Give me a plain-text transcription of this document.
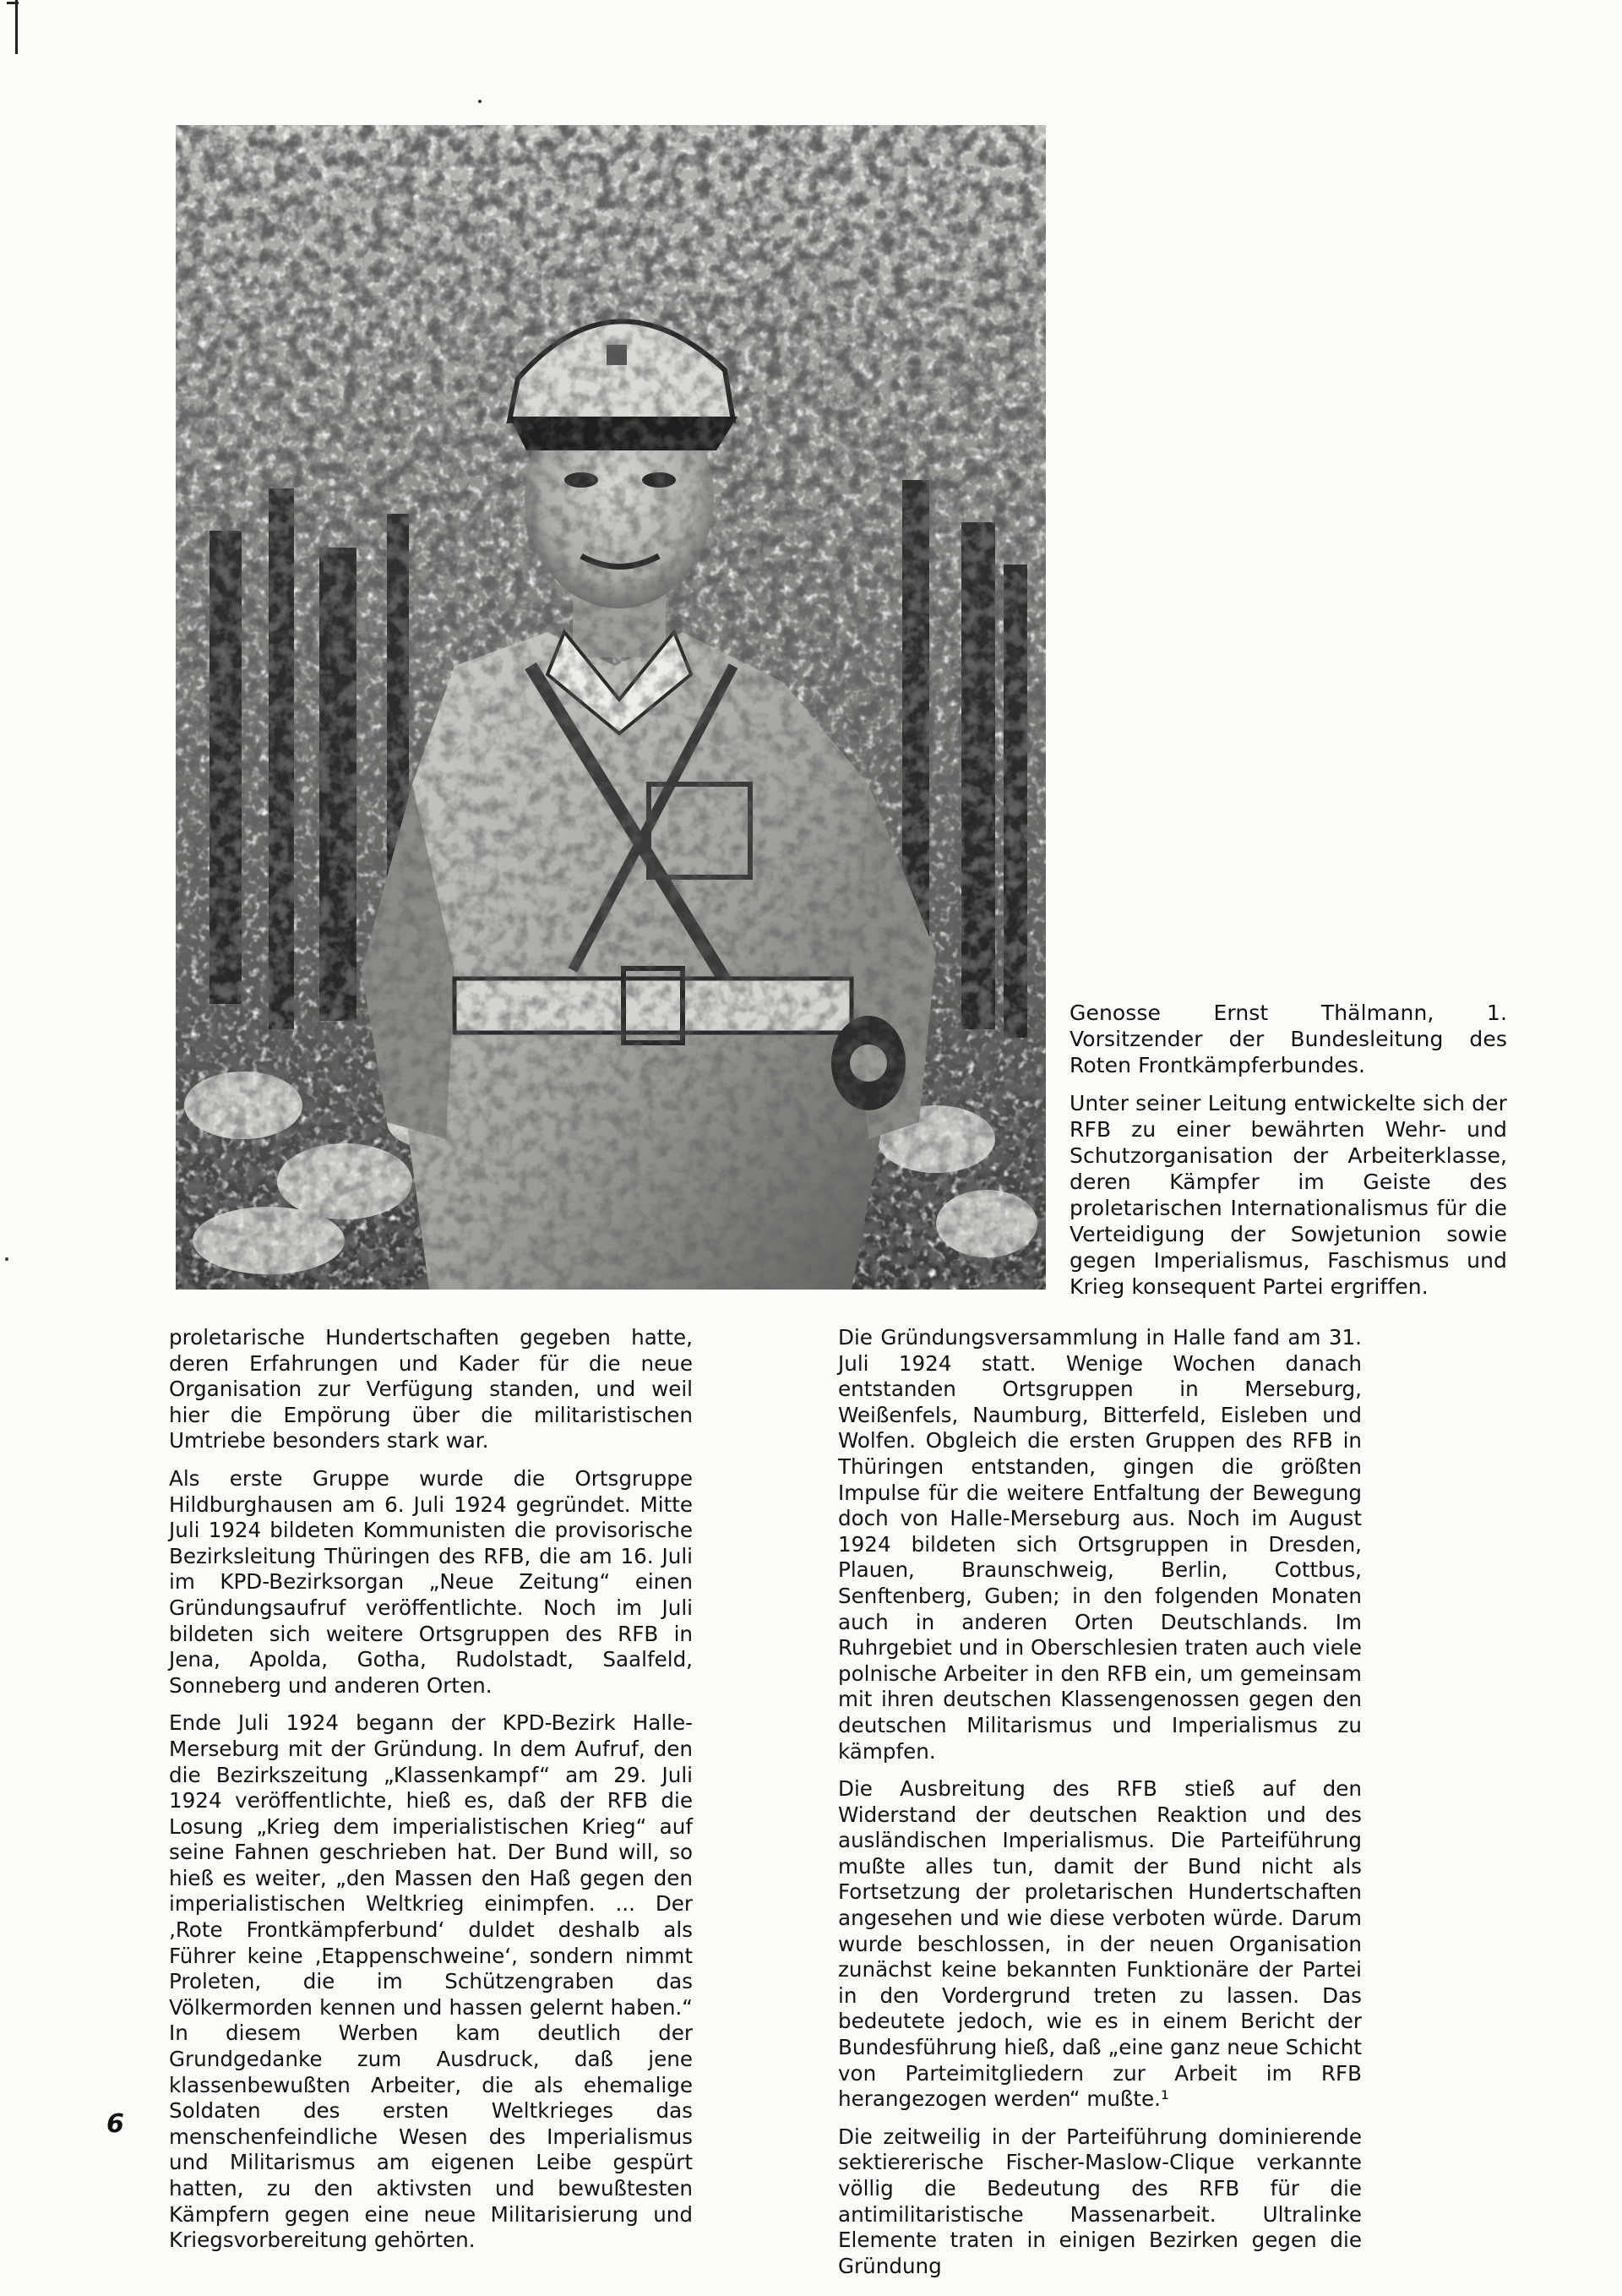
Genosse Ernst Thälmann, 1. Vorsitzender der Bundesleitung des Roten Frontkämpferbundes.

Unter seiner Leitung entwickelte sich der RFB zu einer bewährten Wehr- und Schutzorganisation der Arbeiterklasse, deren Kämpfer im Geiste des proletarischen Internationalismus für die Verteidigung der Sowjetunion sowie gegen Imperialismus, Faschismus und Krieg konsequent Partei ergriffen.

proletarische Hundertschaften gegeben hatte, deren Erfahrungen und Kader für die neue Organisation zur Verfügung standen, und weil hier die Empörung über die militaristischen Umtriebe besonders stark war.

Als erste Gruppe wurde die Ortsgruppe Hildburghausen am 6. Juli 1924 gegründet. Mitte Juli 1924 bildeten Kommunisten die provisorische Bezirksleitung Thüringen des RFB, die am 16. Juli im KPD-Bezirksorgan „Neue Zeitung“ einen Gründungsaufruf veröffentlichte. Noch im Juli bildeten sich weitere Ortsgruppen des RFB in Jena, Apolda, Gotha, Rudolstadt, Saalfeld, Sonneberg und anderen Orten.

Ende Juli 1924 begann der KPD-Bezirk Halle-Merseburg mit der Gründung. In dem Aufruf, den die Bezirkszeitung „Klassenkampf“ am 29. Juli 1924 veröffentlichte, hieß es, daß der RFB die Losung „Krieg dem imperialistischen Krieg“ auf seine Fahnen geschrieben hat. Der Bund will, so hieß es weiter, „den Massen den Haß gegen den imperialistischen Weltkrieg einimpfen. ... Der ‚Rote Frontkämpferbund‘ duldet deshalb als Führer keine ‚Etappenschweine‘, sondern nimmt Proleten, die im Schützengraben das Völkermorden kennen und hassen gelernt haben.“ In diesem Werben kam deutlich der Grundgedanke zum Ausdruck, daß jene klassenbewußten Arbeiter, die als ehemalige Soldaten des ersten Weltkrieges das menschenfeindliche Wesen des Imperialismus und Militarismus am eigenen Leibe gespürt hatten, zu den aktivsten und bewußtesten Kämpfern gegen eine neue Militarisierung und Kriegsvorbereitung gehörten.

Die Gründungsversammlung in Halle fand am 31. Juli 1924 statt. Wenige Wochen danach entstanden Ortsgruppen in Merseburg, Weißenfels, Naumburg, Bitterfeld, Eisleben und Wolfen. Obgleich die ersten Gruppen des RFB in Thüringen entstanden, gingen die größten Impulse für die weitere Entfaltung der Bewegung doch von Halle-Merseburg aus. Noch im August 1924 bildeten sich Ortsgruppen in Dresden, Plauen, Braunschweig, Berlin, Cottbus, Senftenberg, Guben; in den folgenden Monaten auch in anderen Orten Deutschlands. Im Ruhrgebiet und in Oberschlesien traten auch viele polnische Arbeiter in den RFB ein, um gemeinsam mit ihren deutschen Klassengenossen gegen den deutschen Militarismus und Imperialismus zu kämpfen.

Die Ausbreitung des RFB stieß auf den Widerstand der deutschen Reaktion und des ausländischen Imperialismus. Die Parteiführung mußte alles tun, damit der Bund nicht als Fortsetzung der proletarischen Hundertschaften angesehen und wie diese verboten würde. Darum wurde beschlossen, in der neuen Organisation zunächst keine bekannten Funktionäre der Partei in den Vordergrund treten zu lassen. Das bedeutete jedoch, wie es in einem Bericht der Bundesführung hieß, daß „eine ganz neue Schicht von Parteimitgliedern zur Arbeit im RFB herangezogen werden“ mußte.¹

Die zeitweilig in der Parteiführung dominierende sektiererische Fischer-Maslow-Clique verkannte völlig die Bedeutung des RFB für die antimilitaristische Massenarbeit. Ultralinke Elemente traten in einigen Bezirken gegen die Gründung

6
